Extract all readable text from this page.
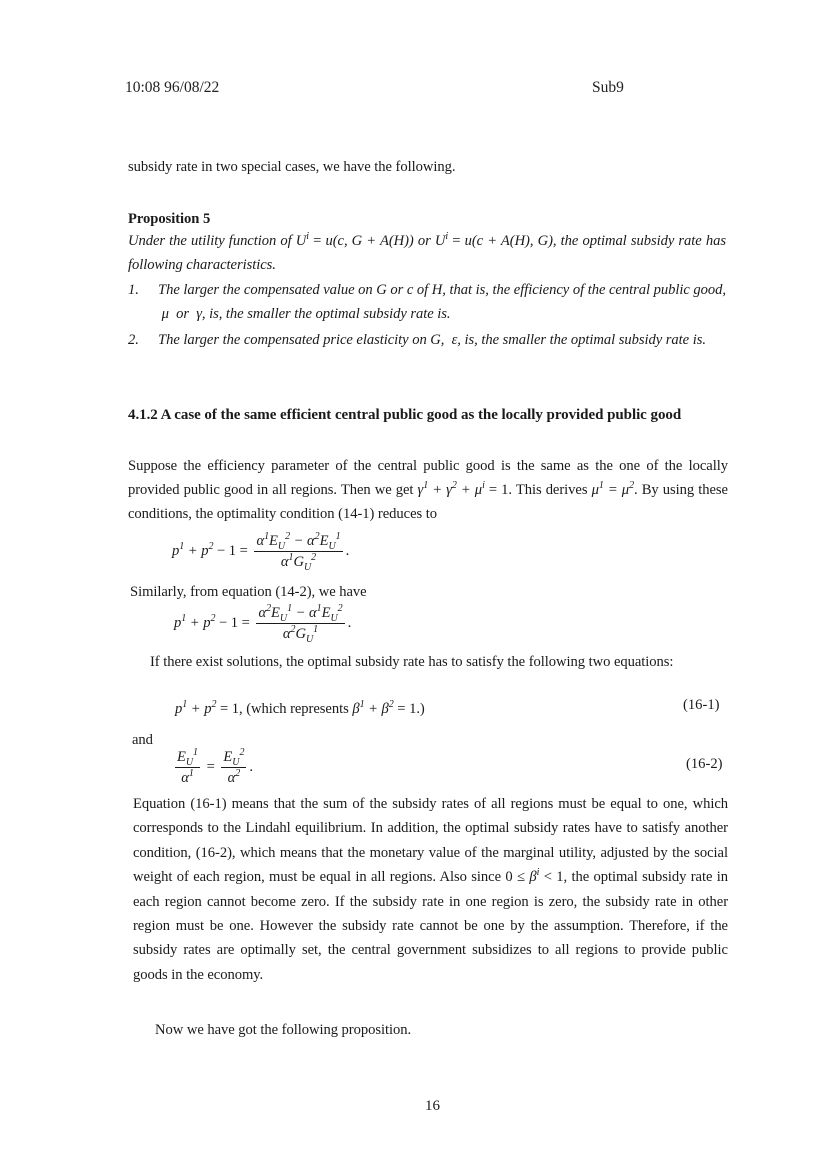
10:08 96/08/22	Sub9
subsidy rate in two special cases, we have the following.
Proposition 5
Under the utility function of $U^i = u(c$, G + A(H)) or $U^i = u(c + A(H)$, G), the optimal subsidy rate has following characteristics.
1.	The larger the compensated value on G or c of H, that is, the efficiency of the central public good,  μ or γ, is, the smaller the optimal subsidy rate is.
2.	The larger the compensated price elasticity on G, ε, is, the smaller the optimal subsidy rate is.
4.1.2 A case of the same efficient central public good as the locally provided public good
Suppose the efficiency parameter of the central public good is the same as the one of the locally provided public good in all regions. Then we get $\gamma^1 + \gamma^2 + \mu^i = 1$. This derives $\mu^1 = \mu^2$. By using these conditions, the optimality condition (14-1) reduces to
$p^1 + p^2 - 1 = \frac{\alpha^1E_U^2 - \alpha^2E_U^1}{\alpha^1G_U^2}$ .
Similarly, from equation (14-2), we have
$p^1 + p^2 - 1 = \frac{\alpha^2E_U^1 - \alpha^1E_U^2}{\alpha^2G_U^1}$ .
If there exist solutions, the optimal subsidy rate has to satisfy the following two equations:
$p^1 + p^2 = 1$, (which represents $\beta^1 + \beta^2 = 1$.)	(16-1)
and
$\frac{E_U^1}{\alpha^1} = \frac{E_U^2}{\alpha^2}$ .	(16-2)
Equation (16-1) means that the sum of the subsidy rates of all regions must be equal to one, which corresponds to the Lindahl equilibrium. In addition, the optimal subsidy rates have to satisfy another condition, (16-2), which means that the monetary value of the marginal utility, adjusted by the social weight of each region, must be equal in all regions. Also since $0 \le \beta^i < 1$, the optimal subsidy rate in each region cannot become zero. If the subsidy rate in one region is zero, the subsidy rate in other region must be one. However the subsidy rate cannot be one by the assumption. Therefore, if the subsidy rates are optimally set, the central government subsidizes to all regions to provide public goods in the economy.
Now we have got the following proposition.
16
